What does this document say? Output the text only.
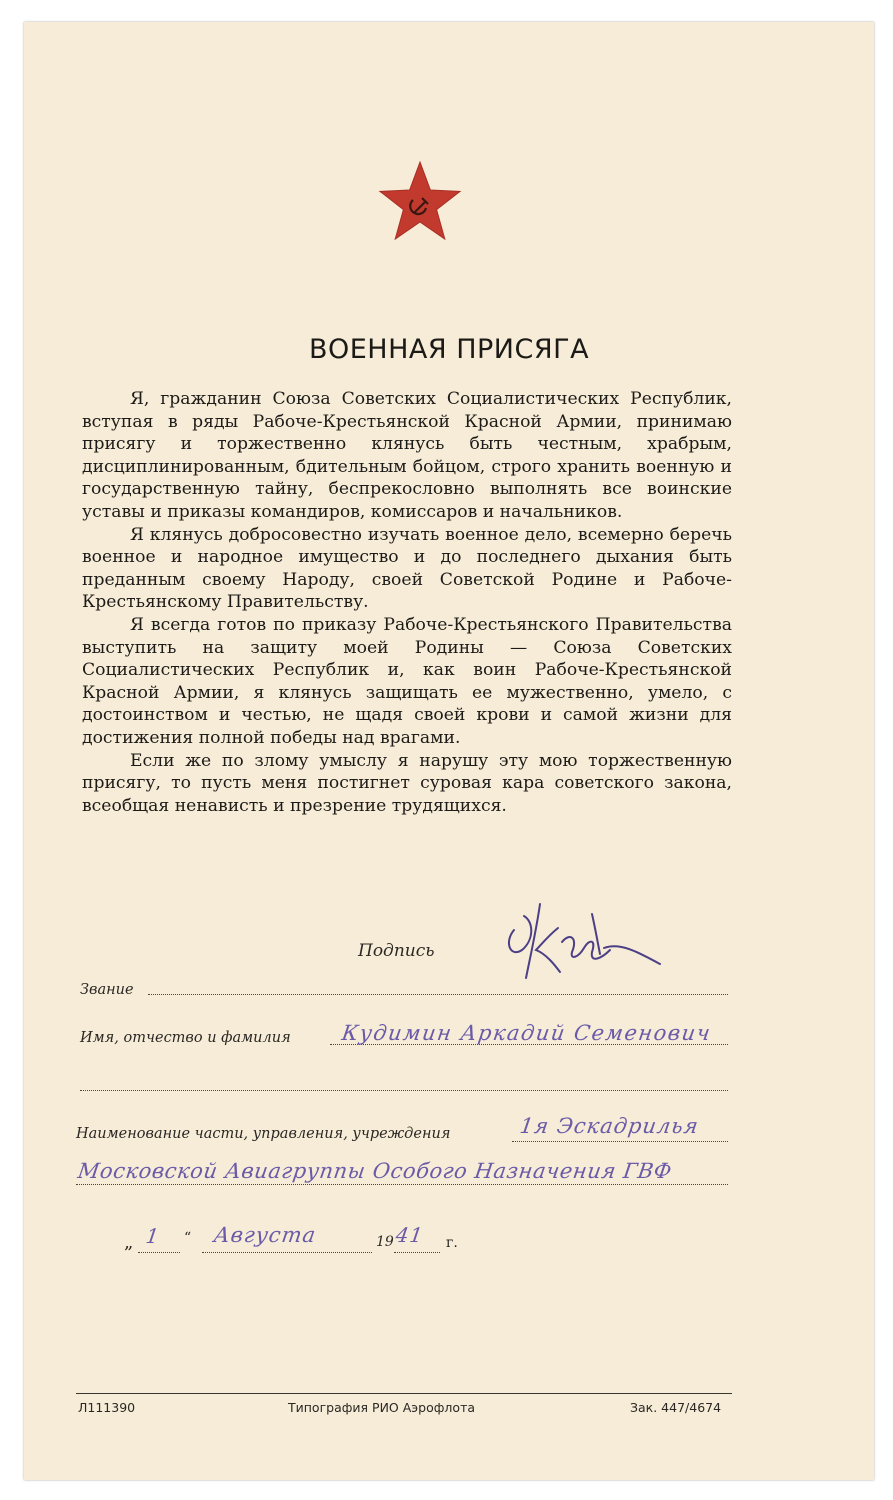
ВОЕННАЯ ПРИСЯГА

Я, гражданин Союза Советских Социалистических Республик, вступая в ряды Рабоче-Крестьянской Красной Армии, принимаю присягу и торжественно клянусь быть честным, храбрым, дисциплинированным, бдительным бойцом, строго хранить военную и государственную тайну, беспрекословно выполнять все воинские уставы и приказы командиров, комиссаров и начальников.

Я клянусь добросовестно изучать военное дело, всемерно беречь военное и народное имущество и до последнего дыхания быть преданным своему Народу, своей Советской Родине и Рабоче-Крестьянскому Правительству.

Я всегда готов по приказу Рабоче-Крестьянского Правительства выступить на защиту моей Родины — Союза Советских Социалистических Республик и, как воин Рабоче-Крестьянской Красной Армии, я клянусь защищать ее мужественно, умело, с достоинством и честью, не щадя своей крови и самой жизни для достижения полной победы над врагами.

Если же по злому умыслу я нарушу эту мою торжественную присягу, то пусть меня постигнет суровая кара советского закона, всеобщая ненависть и презрение трудящихся.

Подпись
Звание
Имя, отчество и фамилия Кудимин Аркадий Семенович
Наименование части, управления, учреждения	1я Эскадрилья
Московской Авиагруппы Особого Назначения ГВФ
„ 1 “ Августа	19 41 г.
Л111390	Типография РИО Аэрофлота	Зак. 447/4674
